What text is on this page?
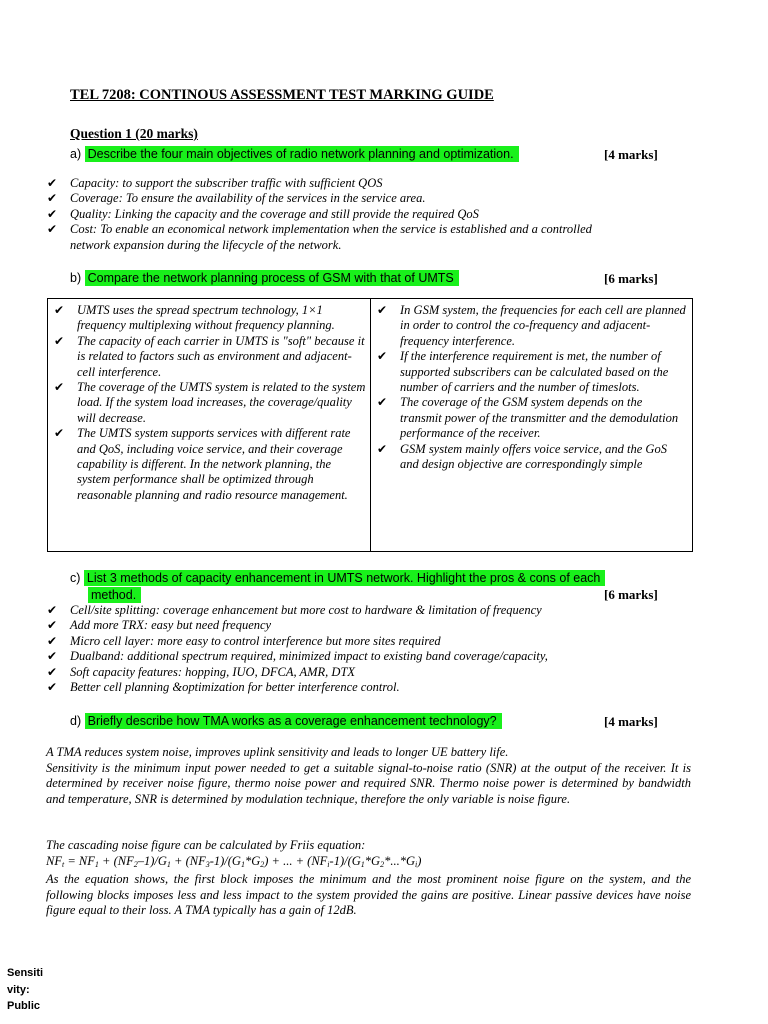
TEL 7208: CONTINOUS ASSESSMENT TEST MARKING GUIDE
Question 1 (20 marks)
a) Describe the four main objectives of radio network planning and optimization.	[4 marks]
✔ Capacity: to support the subscriber traffic with sufficient QOS
✔ Coverage: To ensure the availability of the services in the service area.
✔ Quality: Linking the capacity and the coverage and still provide the required QoS
✔ Cost: To enable an economical network implementation when the service is established and a controlled
network expansion during the lifecycle of the network.
b) Compare the network planning process of GSM with that of UMTS	[6 marks]
✔ UMTS uses the spread spectrum technology, 1×1 frequency multiplexing without frequency planning.
✔ The capacity of each carrier in UMTS is "soft" because it is related to factors such as environment and adjacent-cell interference.
✔ The coverage of the UMTS system is related to the system load. If the system load increases, the coverage/quality will decrease.
✔ The UMTS system supports services with different rate and QoS, including voice service, and their coverage capability is different. In the network planning, the system performance shall be optimized through reasonable planning and radio resource management.
✔ In GSM system, the frequencies for each cell are planned in order to control the co-frequency and adjacent-frequency interference.
✔ If the interference requirement is met, the number of supported subscribers can be calculated based on the number of carriers and the number of timeslots.
✔ The coverage of the GSM system depends on the transmit power of the transmitter and the demodulation performance of the receiver.
✔ GSM system mainly offers voice service, and the GoS and design objective are correspondingly simple
c) List 3 methods of capacity enhancement in UMTS network. Highlight the pros & cons of each
method.	[6 marks]
✔ Cell/site splitting: coverage enhancement but more cost to hardware & limitation of frequency
✔ Add more TRX: easy but need frequency
✔ Micro cell layer: more easy to control interference but more sites required
✔ Dualband: additional spectrum required, minimized impact to existing band coverage/capacity,
✔ Soft capacity features: hopping, IUO, DFCA, AMR, DTX
✔ Better cell planning &optimization for better interference control.
d) Briefly describe how TMA works as a coverage enhancement technology?	[4 marks]

A TMA reduces system noise, improves uplink sensitivity and leads to longer UE battery life.

Sensitivity is the minimum input power needed to get a suitable signal-to-noise ratio (SNR) at the output of the receiver. It is determined by receiver noise figure, thermo noise power and required SNR. Thermo noise power is determined by bandwidth and temperature, SNR is determined by modulation technique, therefore the only variable is noise figure.

The cascading noise figure can be calculated by Friis equation:

$NF_t = NF_1 + (NF_2-1)/G_1 + (NF_3-1)/(G_1*G_2)$ + ... + $(NF_i-1)/(G_1*G_2*...*G_i)$

As the equation shows, the first block imposes the minimum and the most prominent noise figure on the system, and the following blocks imposes less and less impact to the system provided the gains are positive. Linear passive devices have noise figure equal to their loss. A TMA typically has a gain of 12dB.

Sensiti
vity:
Public
